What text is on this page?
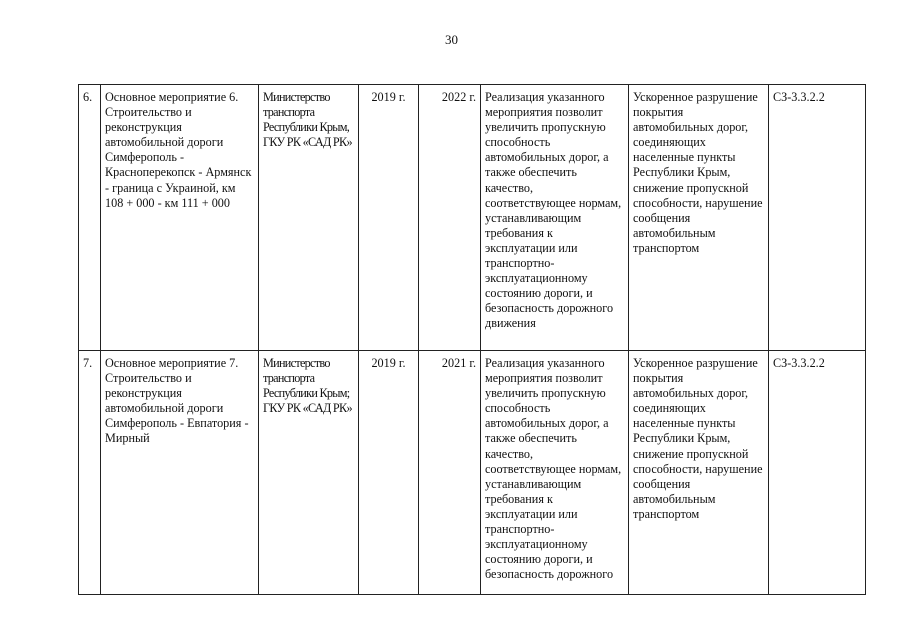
30
6.	Основное мероприятие 6. Строительство и реконструкция автомобильной дороги Симферополь - Красноперекопск - Армянск - граница с Украиной, км 108 + 000 - км 111 + 000	Министерство транспорта Республики Крым, ГКУ РК «САД РК»	2019 г.	2022 г.	Реализация указанного мероприятия позволит увеличить пропускную способность автомобильных дорог, а также обеспечить качество, соответствующее нормам, устанавливающим требования к эксплуатации или транспортно-эксплуатационному состоянию дороги, и безопасность дорожного движения	Ускоренное разрушение покрытия автомобильных дорог, соединяющих населенные пункты Республики Крым, снижение пропускной способности, нарушение сообщения автомобильным транспортом	СЗ-3.3.2.2
7.	Основное мероприятие 7. Строительство и реконструкция автомобильной дороги Симферополь - Евпатория - Мирный	Министерство транспорта Республики Крым; ГКУ РК «САД РК»	2019 г.	2021 г.	Реализация указанного мероприятия позволит увеличить пропускную способность автомобильных дорог, а также обеспечить качество, соответствующее нормам, устанавливающим требования к эксплуатации или транспортно-эксплуатационному состоянию дороги, и безопасность дорожного	Ускоренное разрушение покрытия автомобильных дорог, соединяющих населенные пункты Республики Крым, снижение пропускной способности, нарушение сообщения автомобильным транспортом	СЗ-3.3.2.2
